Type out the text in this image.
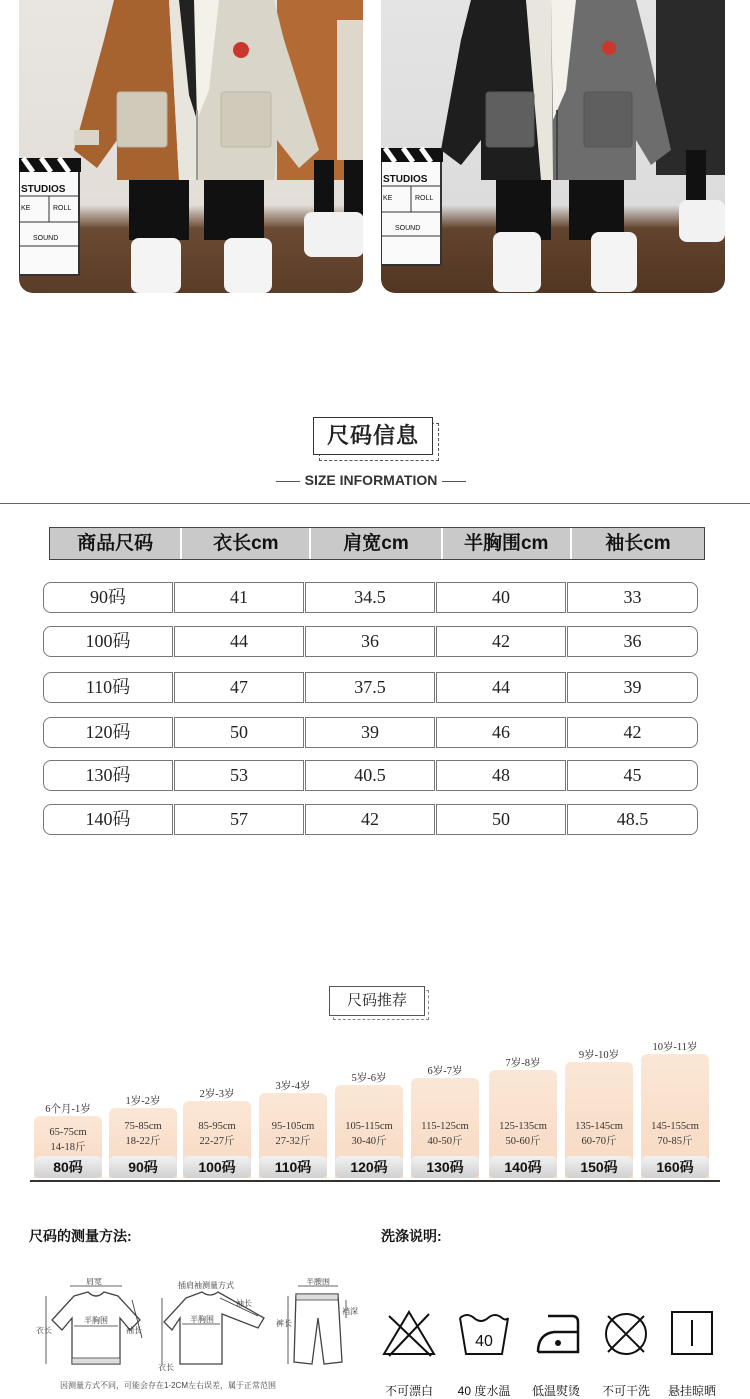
STUDIOS
KE	ROLL
SOUND
STUDIOS
KE	ROLL
SOUND
尺码信息
SIZE INFORMATION
商品尺码	衣长cm	肩宽cm	半胸围cm	袖长cm
90码	41	34.5	40	33
100码	44	36	42	36
110码	47	37.5	44	39
120码	50	39	46	42
130码	53	40.5	48	45
140码	57	42	50	48.5
尺码推荐
6个月-1岁
65-75cm
14-18斤
80码
1岁-2岁
75-85cm
18-22斤
90码
2岁-3岁
85-95cm
22-27斤
100码
3岁-4岁
95-105cm
27-32斤
110码
5岁-6岁
105-115cm
30-40斤
120码
6岁-7岁
115-125cm
40-50斤
130码
7岁-8岁
125-135cm
50-60斤
140码
9岁-10岁
135-145cm
60-70斤
150码
10岁-11岁
145-155cm
70-85斤
160码
尺码的测量方法:
肩宽
半胸围
衣长	袖长
插肩袖测量方式
袖长
半胸围
衣长
半腰围
裤长
裆深
因测量方式不同，可能会存在1-2CM左右误差，属于正常范围
洗涤说明:
40
不可漂白	40 度水温	低温熨烫	不可干洗	悬挂晾晒
